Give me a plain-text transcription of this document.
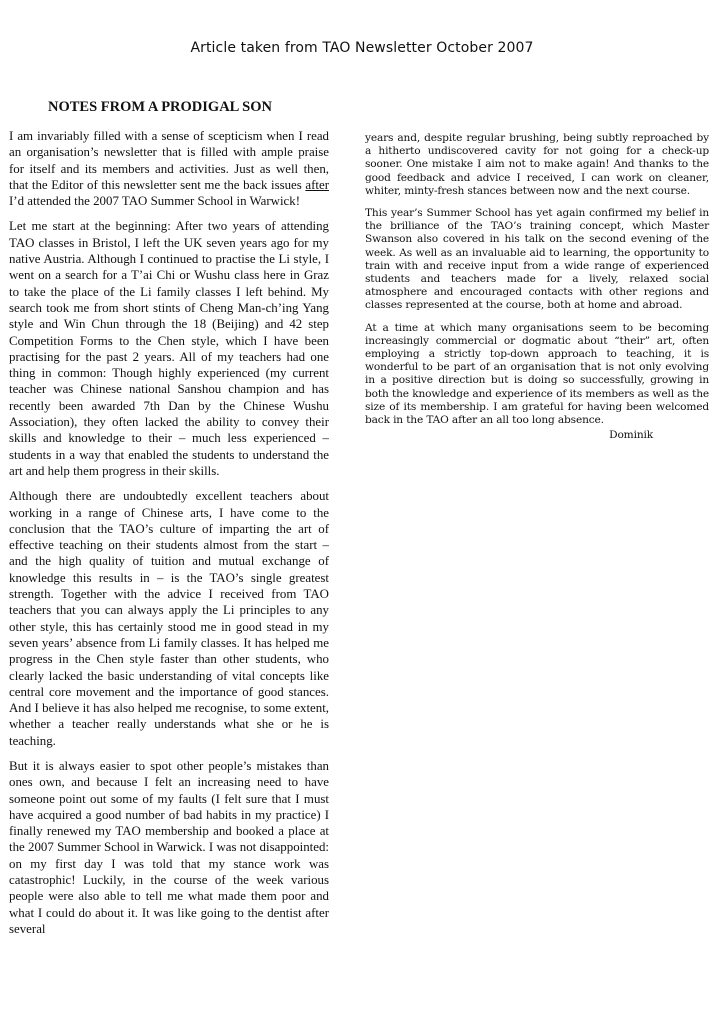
Article taken from TAO Newsletter October 2007
NOTES FROM A PRODIGAL SON

I am invariably filled with a sense of scepticism when I read an organisation’s newsletter that is filled with ample praise for itself and its members and activities. Just as well then, that the Editor of this newsletter sent me the back issues after I’d attended the 2007 TAO Summer School in Warwick!

Let me start at the beginning: After two years of attending TAO classes in Bristol, I left the UK seven years ago for my native Austria. Although I continued to practise the Li style, I went on a search for a T’ai Chi or Wushu class here in Graz to take the place of the Li family classes I left behind. My search took me from short stints of Cheng Man-ch’ing Yang style and Win Chun through the 18 (Beijing) and 42 step Competition Forms to the Chen style, which I have been practising for the past 2 years. All of my teachers had one thing in common: Though highly experienced (my current teacher was Chinese national Sanshou champion and has recently been awarded 7th Dan by the Chinese Wushu Association), they often lacked the ability to convey their skills and knowledge to their – much less experienced – students in a way that enabled the students to understand the art and help them progress in their skills.

Although there are undoubtedly excellent teachers about working in a range of Chinese arts, I have come to the conclusion that the TAO’s culture of imparting the art of effective teaching on their students almost from the start – and the high quality of tuition and mutual exchange of knowledge this results in – is the TAO’s single greatest strength. Together with the advice I received from TAO teachers that you can always apply the Li principles to any other style, this has certainly stood me in good stead in my seven years’ absence from Li family classes. It has helped me progress in the Chen style faster than other students, who clearly lacked the basic understanding of vital concepts like central core movement and the importance of good stances. And I believe it has also helped me recognise, to some extent, whether a teacher really understands what she or he is teaching.

But it is always easier to spot other people’s mistakes than ones own, and because I felt an increasing need to have someone point out some of my faults (I felt sure that I must have acquired a good number of bad habits in my practice) I finally renewed my TAO membership and booked a place at the 2007 Summer School in Warwick. I was not disappointed: on my first day I was told that my stance work was catastrophic! Luckily, in the course of the week various people were also able to tell me what made them poor and what I could do about it. It was like going to the dentist after several

years and, despite regular brushing, being subtly reproached by a hitherto undiscovered cavity for not going for a check-up sooner. One mistake I aim not to make again! And thanks to the good feedback and advice I received, I can work on cleaner, whiter, minty-fresh stances between now and the next course.

This year’s Summer School has yet again confirmed my belief in the brilliance of the TAO’s training concept, which Master Swanson also covered in his talk on the second evening of the week. As well as an invaluable aid to learning, the opportunity to train with and receive input from a wide range of experienced students and teachers made for a lively, relaxed social atmosphere and encouraged contacts with other regions and classes represented at the course, both at home and abroad.

At a time at which many organisations seem to be becoming increasingly commercial or dogmatic about “their” art, often employing a strictly top-down approach to teaching, it is wonderful to be part of an organisation that is not only evolving in a positive direction but is doing so successfully, growing in both the knowledge and experience of its members as well as the size of its membership. I am grateful for having been welcomed back in the TAO after an all too long absence.

Dominik
